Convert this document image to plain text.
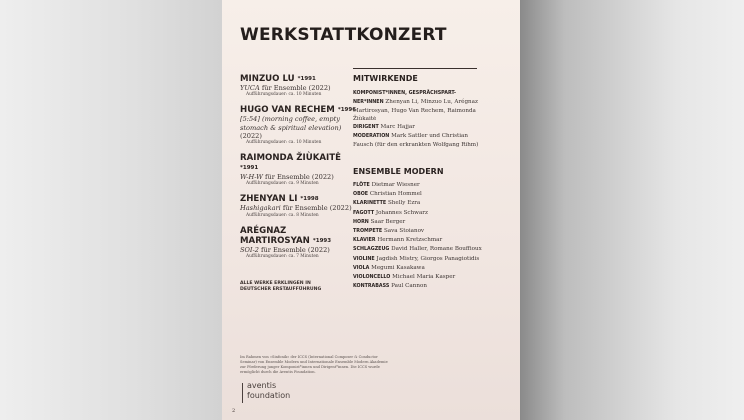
WERKSTATTKONZERT
MINZUO LU $^{*1991}$
YUCA für Ensemble (2022)
Aufführungsdauer: ca. 10 Minuten
HUGO VAN RECHEM $^{*1996}$
[5:54] (morning coffee, empty stomach & spiritual elevation) (2022)
Aufführungsdauer: ca. 10 Minuten
RAIMONDA ŽIÙKAITĖ $^{*1991}$
W-H-W für Ensemble (2022)
Aufführungsdauer: ca. 9 Minuten
ZHENYAN LI $^{*1998}$
Hashigakari für Ensemble (2022)
Aufführungsdauer: ca. 8 Minuten
ARÉGNAZ MARTIROSYAN $^{*1993}$
SOI-2 für Ensemble (2022)
Aufführungsdauer: ca. 7 Minuten
ALLE WERKE ERKLINGEN IN DEUTSCHER ERSTAUFFÜHRUNG
MITWIRKENDE
KOMPONIST*INNEN, GESPRÄCHSPART-NER*INNEN Zhenyan Li, Minzuo Lu, Arégnaz Martirosyan, Hugo Van Rechem, Raimonda Žiùkaitė
DIRIGENT Marc Hajjar
MODERATION Mark Sattler und Christian Fausch (für den erkrankten Wolfgang Rihm)
ENSEMBLE MODERN
FLÖTE Dietmar Wiesner
OBOE Christian Hommel
KLARINETTE Shelly Ezra
FAGOTT Johannes Schwarz
HORN Saar Berger
TROMPETE Sava Stoianov
KLAVIER Hermann Kretzschmar
SCHLAGZEUG David Haller, Romane Bouffioux
VIOLINE Jagdish Mistry, Giorgos Panagiotidis
VIOLA Megumi Kasakawa
VIOLONCELLO Michael Maria Kasper
KONTRABASS Paul Cannon
Im Rahmen von »Sinfonik« der ICCS (International Composer & Conductor Seminar) von Ensemble Modern und Internationale Ensemble Modern Akademie zur Förderung junger Komponist*innen und Dirigent*innen. Die ICCS wurde ermöglicht durch die Aventis Foundation.
aventis
foundation
2
